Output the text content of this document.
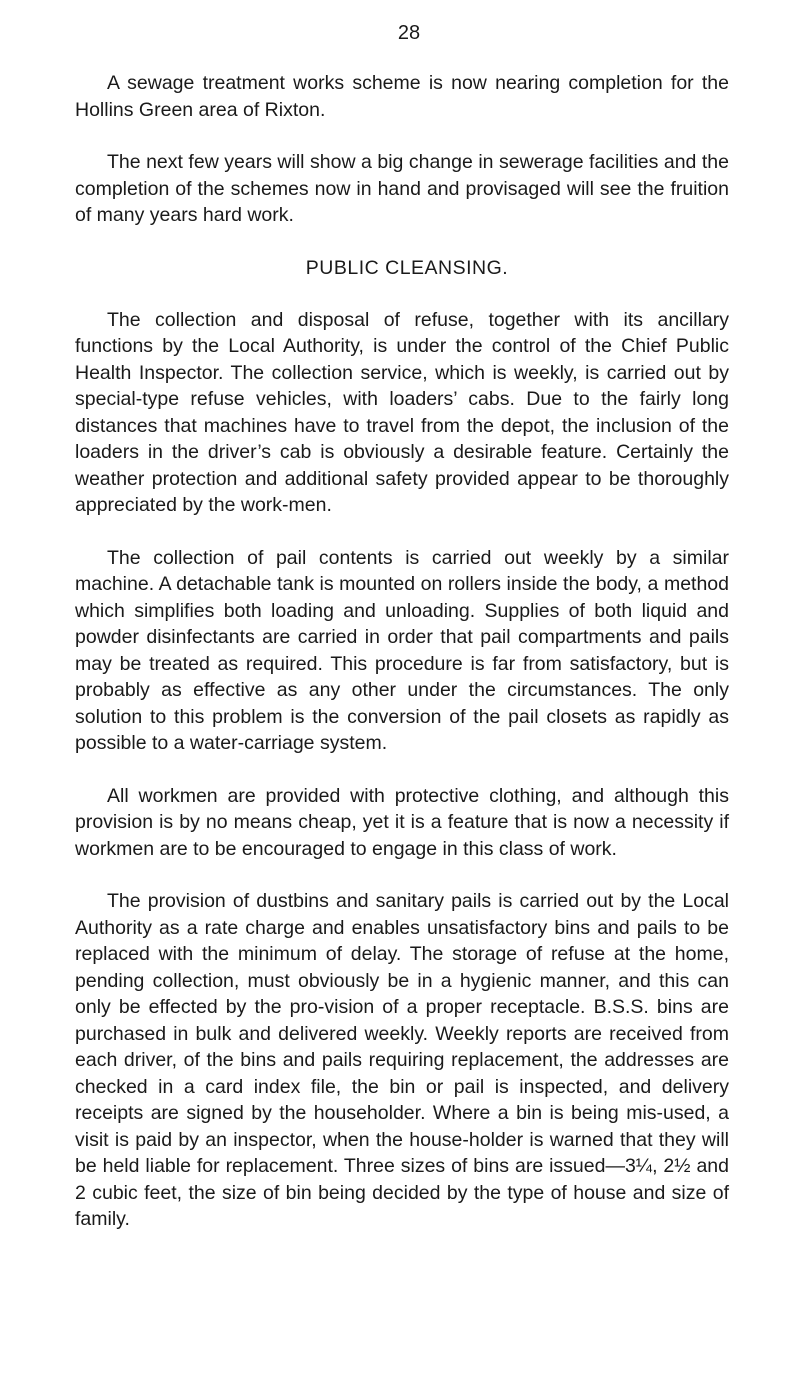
28

A sewage treatment works scheme is now nearing completion for the Hollins Green area of Rixton.

The next few years will show a big change in sewerage facilities and the completion of the schemes now in hand and provisaged will see the fruition of many years hard work.

PUBLIC CLEANSING.

The collection and disposal of refuse, together with its ancillary functions by the Local Authority, is under the control of the Chief Public Health Inspector. The collection service, which is weekly, is carried out by special-type refuse vehicles, with loaders’ cabs. Due to the fairly long distances that machines have to travel from the depot, the inclusion of the loaders in the driver’s cab is obviously a desirable feature. Certainly the weather protection and additional safety provided appear to be thoroughly appreciated by the work-men.

The collection of pail contents is carried out weekly by a similar machine. A detachable tank is mounted on rollers inside the body, a method which simplifies both loading and unloading. Supplies of both liquid and powder disinfectants are carried in order that pail compartments and pails may be treated as required. This procedure is far from satisfactory, but is probably as effective as any other under the circumstances. The only solution to this problem is the conversion of the pail closets as rapidly as possible to a water-carriage system.

All workmen are provided with protective clothing, and although this provision is by no means cheap, yet it is a feature that is now a necessity if workmen are to be encouraged to engage in this class of work.

The provision of dustbins and sanitary pails is carried out by the Local Authority as a rate charge and enables unsatisfactory bins and pails to be replaced with the minimum of delay. The storage of refuse at the home, pending collection, must obviously be in a hygienic manner, and this can only be effected by the pro-vision of a proper receptacle. B.S.S. bins are purchased in bulk and delivered weekly. Weekly reports are received from each driver, of the bins and pails requiring replacement, the addresses are checked in a card index file, the bin or pail is inspected, and delivery receipts are signed by the householder. Where a bin is being mis-used, a visit is paid by an inspector, when the house-holder is warned that they will be held liable for replacement. Three sizes of bins are issued—3¼, 2½ and 2 cubic feet, the size of bin being decided by the type of house and size of family.
